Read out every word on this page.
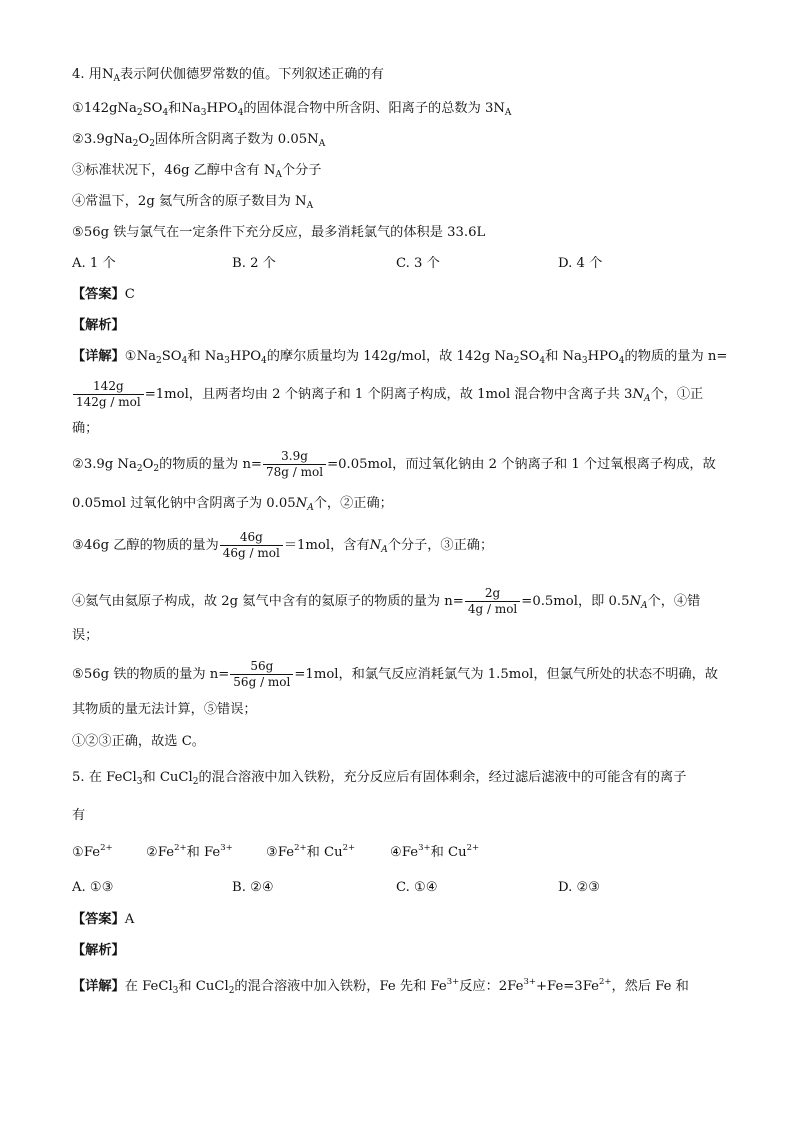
4. 用$N_A$表示阿伏伽德罗常数的值。下列叙述正确的有
$①142gNa_2SO_4$和$Na_3HPO_4$的固体混合物中所含阴、阳离子的总数为 $3N_A$
$②3.9gNa_2O_2$固体所含阴离子数为 $0.05N_A$
③标准状况下，46g 乙醇中含有 $N_A$个分子
④常温下，2g 氦气所含的原子数目为 $N_A$
⑤56g 铁与氯气在一定条件下充分反应，最多消耗氯气的体积是 33.6L
A. 1 个	B. 2 个	C. 3 个	D. 4 个
【答案】C
【解析】
【详解】$①Na_2SO_4$和 $Na_3HPO_4$的摩尔质量均为 142g/mol，故 142g $Na_2SO_4$和 $Na_3HPO_4$的物质的量为 n=
$\frac{142g}{\text{142g / mol}} =1mol$，且两者均由 2 个钠离子和 1 个阴离子构成，故 1mol 混合物中含离子共 $3N_A$个，①正
确；
②3.9g $Na_2O_2$的物质的量为 $n= \frac{3.9g}{\text{78g / mol}} =0.05mol$，而过氧化钠由 2 个钠离子和 1 个过氧根离子构成，故
0.05mol 过氧化钠中含阴离子为 $0.05N_A$个，②正确；
③46g 乙醇的物质的量为 $\frac{46g}{\text{46g / mol}} =1mol$，含有$N_A$个分子，③正确；
④氦气由氦原子构成，故 2g 氦气中含有的氦原子的物质的量为 $n= \frac{2g}{\text{4g / mol}} =0.5mol$，即 $0.5N_A$个，④错
误；
⑤56g 铁的物质的量为 $n= \frac{56g}{\text{56g / mol}} =1mol$，和氯气反应消耗氯气为 1.5mol，但氯气所处的状态不明确，故
其物质的量无法计算，⑤错误；
①②③正确，故选 C。
5. 在 FeCl$_3$和 CuCl$_2$的混合溶液中加入铁粉，充分反应后有固体剩余，经过滤后滤液中的可能含有的离子
有
$①Fe^{2+}$	$②Fe^{2+}$和 $Fe^{3+}$	$③Fe^{2+}$和 $Cu^{2+}$	$④Fe^{3+}$和 $Cu^{2+}$
A. ①③	B. ②④	C. ①④	D. ②③
【答案】A
【解析】
【详解】在 FeCl$_3$和 CuCl$_2$的混合溶液中加入铁粉，Fe 先和 $Fe^{3+}$反应：$2Fe^{3+}+Fe=3Fe^{2+}$，然后 Fe 和
